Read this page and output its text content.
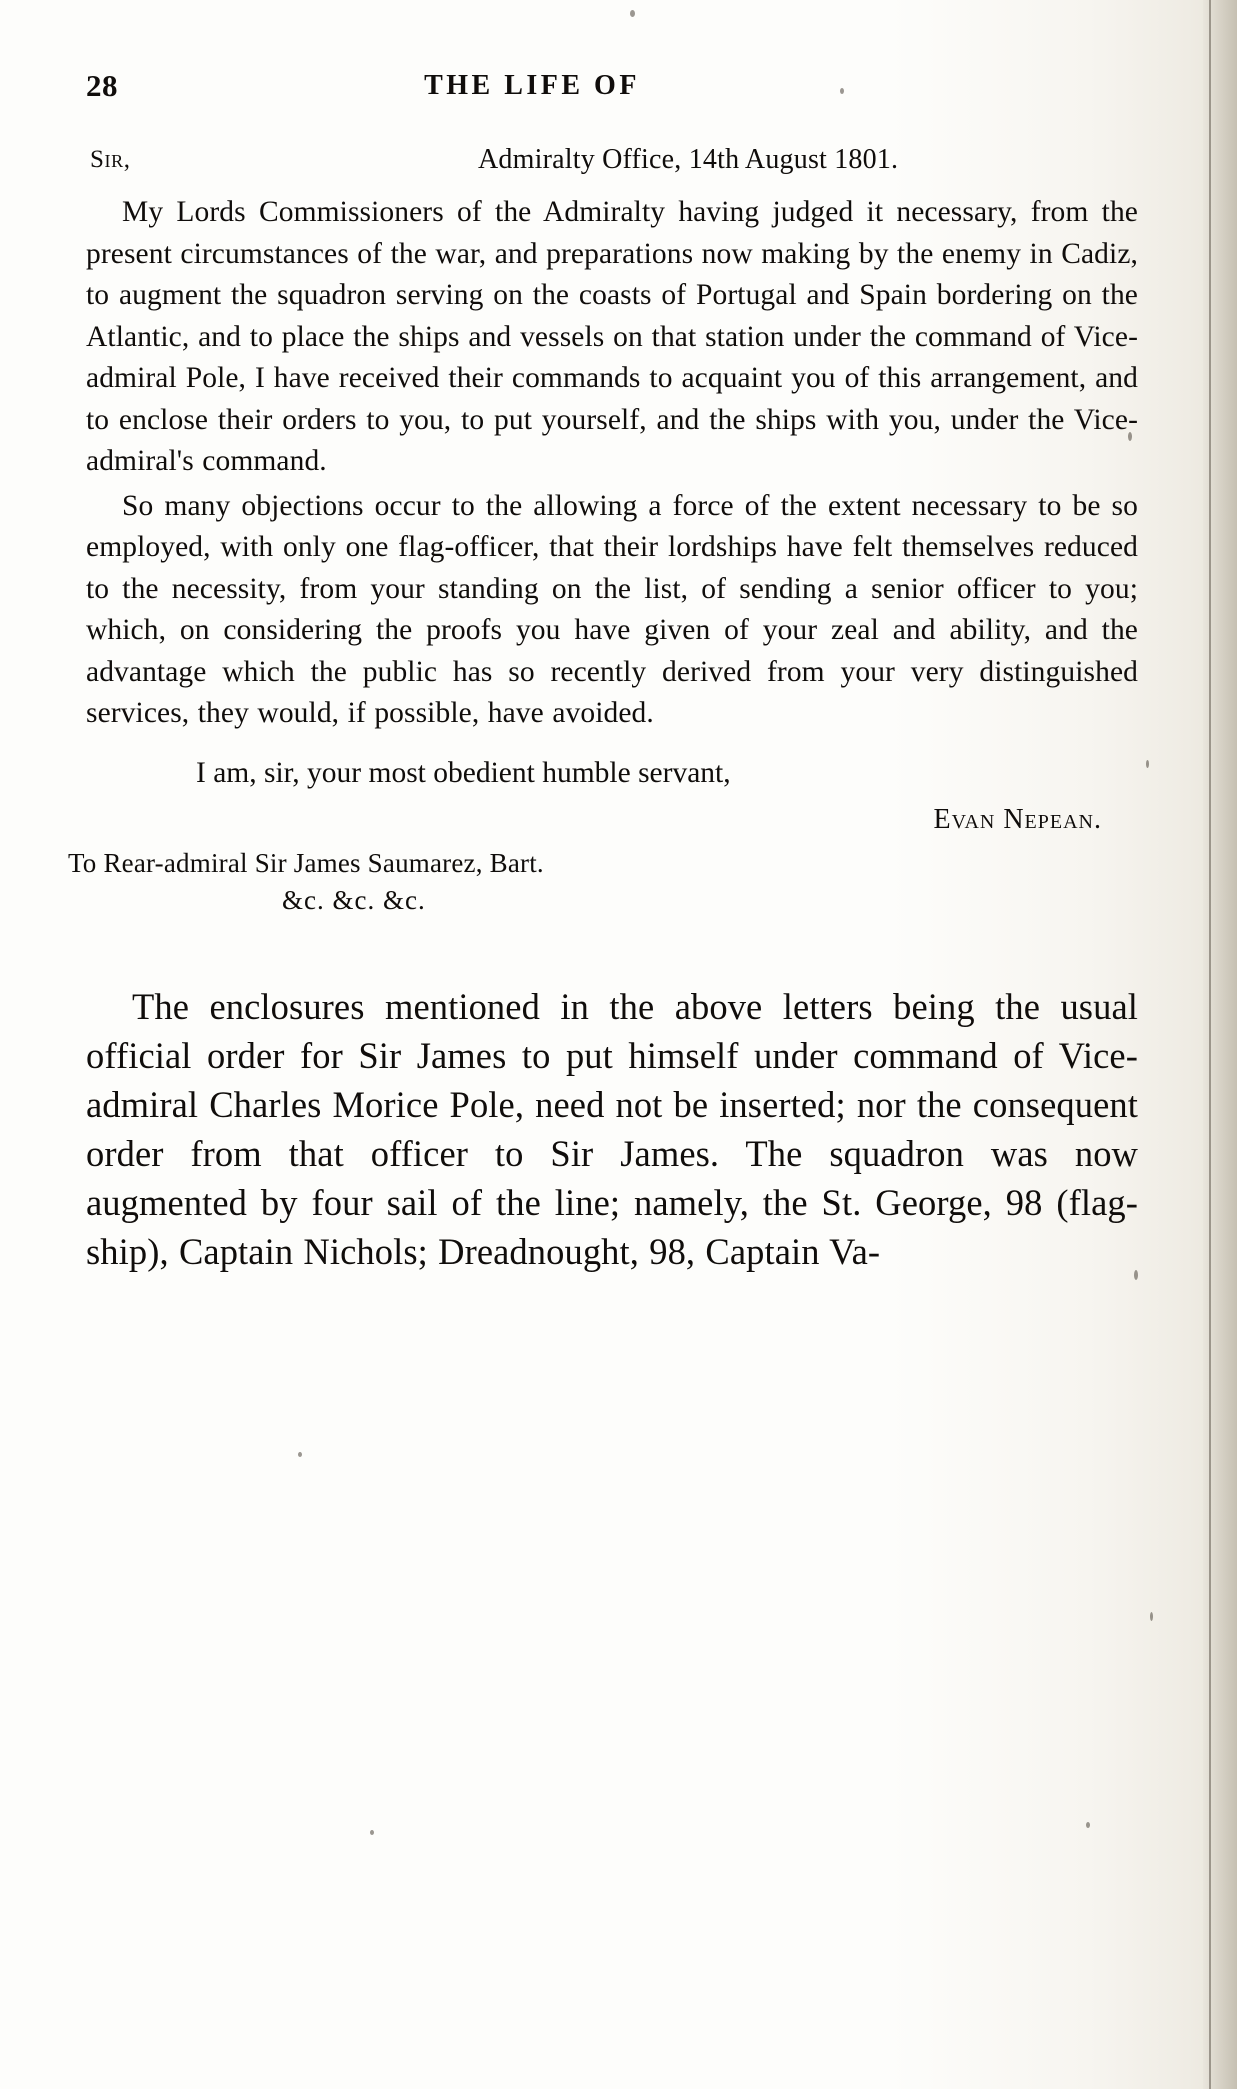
28	THE LIFE OF
Sir,	Admiralty Office, 14th August 1801.

My Lords Commissioners of the Admiralty having judged it necessary, from the present circumstances of the war, and preparations now making by the enemy in Cadiz, to augment the squadron serving on the coasts of Portugal and Spain bordering on the Atlantic, and to place the ships and vessels on that station under the command of Vice-admiral Pole, I have received their commands to acquaint you of this arrangement, and to enclose their orders to you, to put yourself, and the ships with you, under the Vice-admiral's command.

So many objections occur to the allowing a force of the extent necessary to be so employed, with only one flag-officer, that their lordships have felt themselves reduced to the necessity, from your standing on the list, of sending a senior officer to you; which, on considering the proofs you have given of your zeal and ability, and the advantage which the public has so recently derived from your very distinguished services, they would, if possible, have avoided.

I am, sir, your most obedient humble servant,
Evan Nepean.
To Rear-admiral Sir James Saumarez, Bart.
&c. &c. &c.

The enclosures mentioned in the above letters being the usual official order for Sir James to put himself under command of Vice-admiral Charles Morice Pole, need not be inserted; nor the consequent order from that officer to Sir James. The squadron was now augmented by four sail of the line; namely, the St. George, 98 (flag-ship), Captain Nichols; Dreadnought, 98, Captain Va-
